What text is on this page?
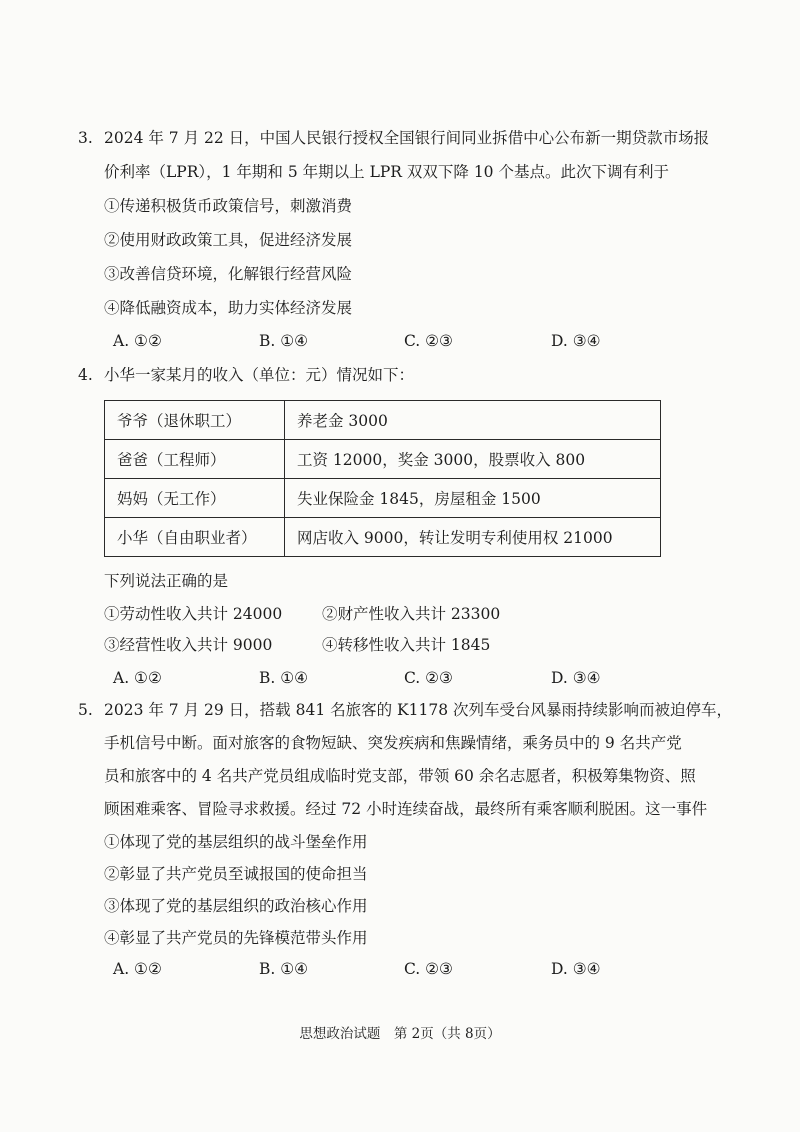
3. 2024 年 7 月 22 日，中国人民银行授权全国银行间同业拆借中心公布新一期贷款市场报
价利率（LPR），1 年期和 5 年期以上 LPR 双双下降 10 个基点。此次下调有利于
①传递积极货币政策信号，刺激消费
②使用财政政策工具，促进经济发展
③改善信贷环境，化解银行经营风险
④降低融资成本，助力实体经济发展
A. ①②	B. ①④	C. ②③	D. ③④
4. 小华一家某月的收入（单位：元）情况如下：
爷爷（退休职工）	养老金 3000
爸爸（工程师）	工资 12000，奖金 3000，股票收入 800
妈妈（无工作）	失业保险金 1845，房屋租金 1500
小华（自由职业者）	网店收入 9000，转让发明专利使用权 21000
下列说法正确的是
①劳动性收入共计 24000	②财产性收入共计 23300
③经营性收入共计 9000	④转移性收入共计 1845
A. ①②	B. ①④	C. ②③	D. ③④
5. 2023 年 7 月 29 日，搭载 841 名旅客的 K1178 次列车受台风暴雨持续影响而被迫停车，
手机信号中断。面对旅客的食物短缺、突发疾病和焦躁情绪，乘务员中的 9 名共产党
员和旅客中的 4 名共产党员组成临时党支部，带领 60 余名志愿者，积极筹集物资、照
顾困难乘客、冒险寻求救援。经过 72 小时连续奋战，最终所有乘客顺利脱困。这一事件
①体现了党的基层组织的战斗堡垒作用
②彰显了共产党员至诚报国的使命担当
③体现了党的基层组织的政治核心作用
④彰显了共产党员的先锋模范带头作用
A. ①②	B. ①④	C. ②③	D. ③④
思想政治试题　第 2页（共 8页）
